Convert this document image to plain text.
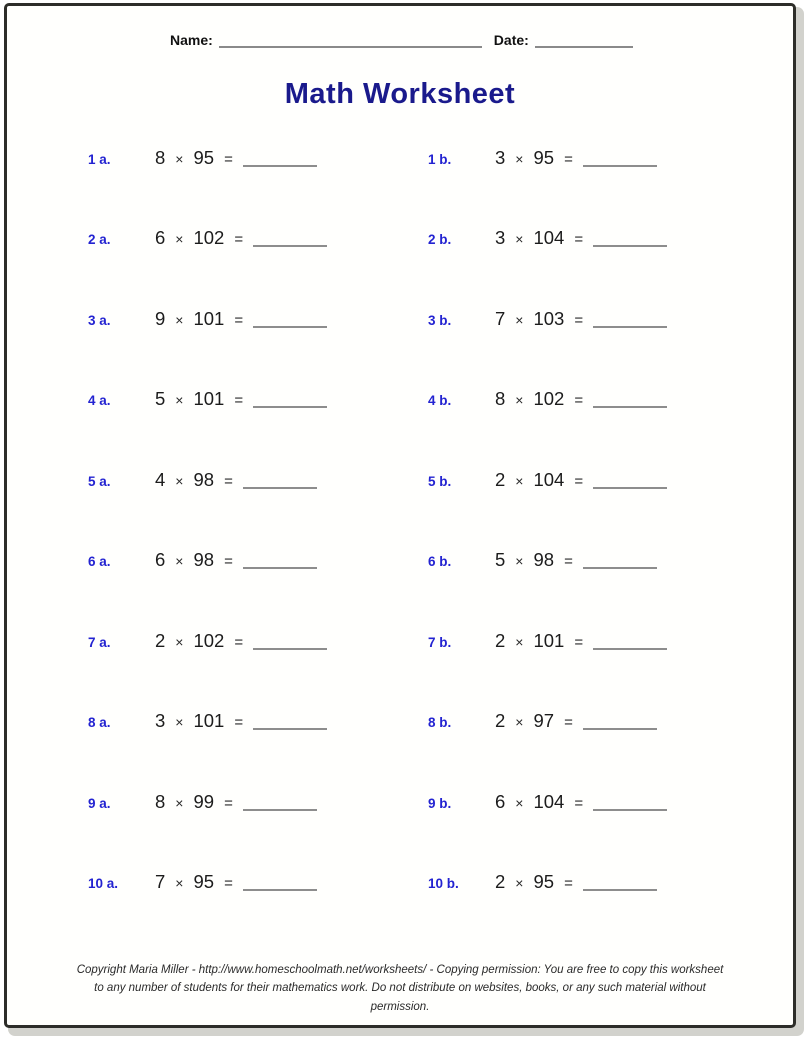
Name:	Date:
Math Worksheet
1 a.	8 × 95 =	1 b.	3 × 95 =
2 a.	6 × 102 =	2 b.	3 × 104 =
3 a.	9 × 101 =	3 b.	7 × 103 =
4 a.	5 × 101 =	4 b.	8 × 102 =
5 a.	4 × 98 =	5 b.	2 × 104 =
6 a.	6 × 98 =	6 b.	5 × 98 =
7 a.	2 × 102 =	7 b.	2 × 101 =
8 a.	3 × 101 =	8 b.	2 × 97 =
9 a.	8 × 99 =	9 b.	6 × 104 =
10 a.	7 × 95 =	10 b.	2 × 95 =

Copyright Maria Miller - http://www.homeschoolmath.net/worksheets/ - Copying permission: You are free to copy this worksheet to any number of students for their mathematics work. Do not distribute on websites, books, or any such material without permission.
